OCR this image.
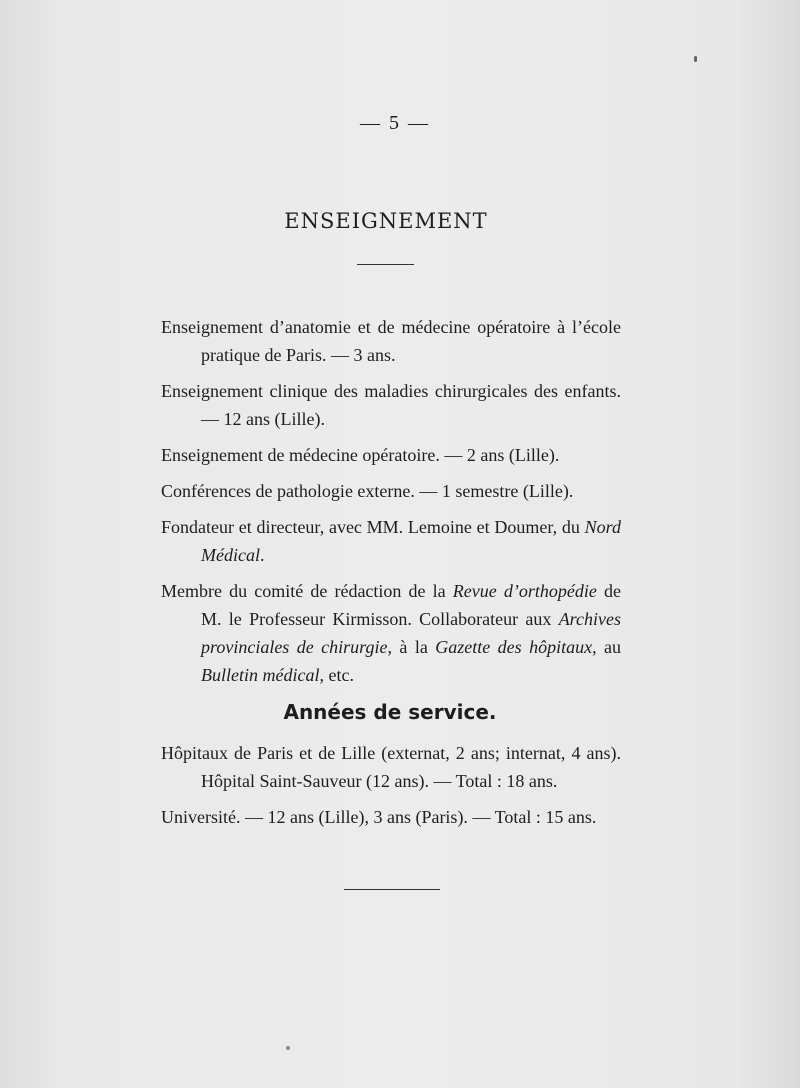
— 5 —
ENSEIGNEMENT

Enseignement d’anatomie et de médecine opératoire à l’école pratique de Paris. — 3 ans.

Enseignement clinique des maladies chirurgicales des enfants. — 12 ans (Lille).

Enseignement de médecine opératoire. — 2 ans (Lille).

Conférences de pathologie externe. — 1 semestre (Lille).

Fondateur et directeur, avec MM. Lemoine et Doumer, du Nord Médical.

Membre du comité de rédaction de la Revue d’orthopédie de M. le Professeur Kirmisson. Collaborateur aux Archives provinciales de chirurgie, à la Gazette des hôpitaux, au Bulletin médical, etc.

Années de service.

Hôpitaux de Paris et de Lille (externat, 2 ans; internat, 4 ans). Hôpital Saint-Sauveur (12 ans). — Total : 18 ans.

Université. — 12 ans (Lille), 3 ans (Paris). — Total : 15 ans.
